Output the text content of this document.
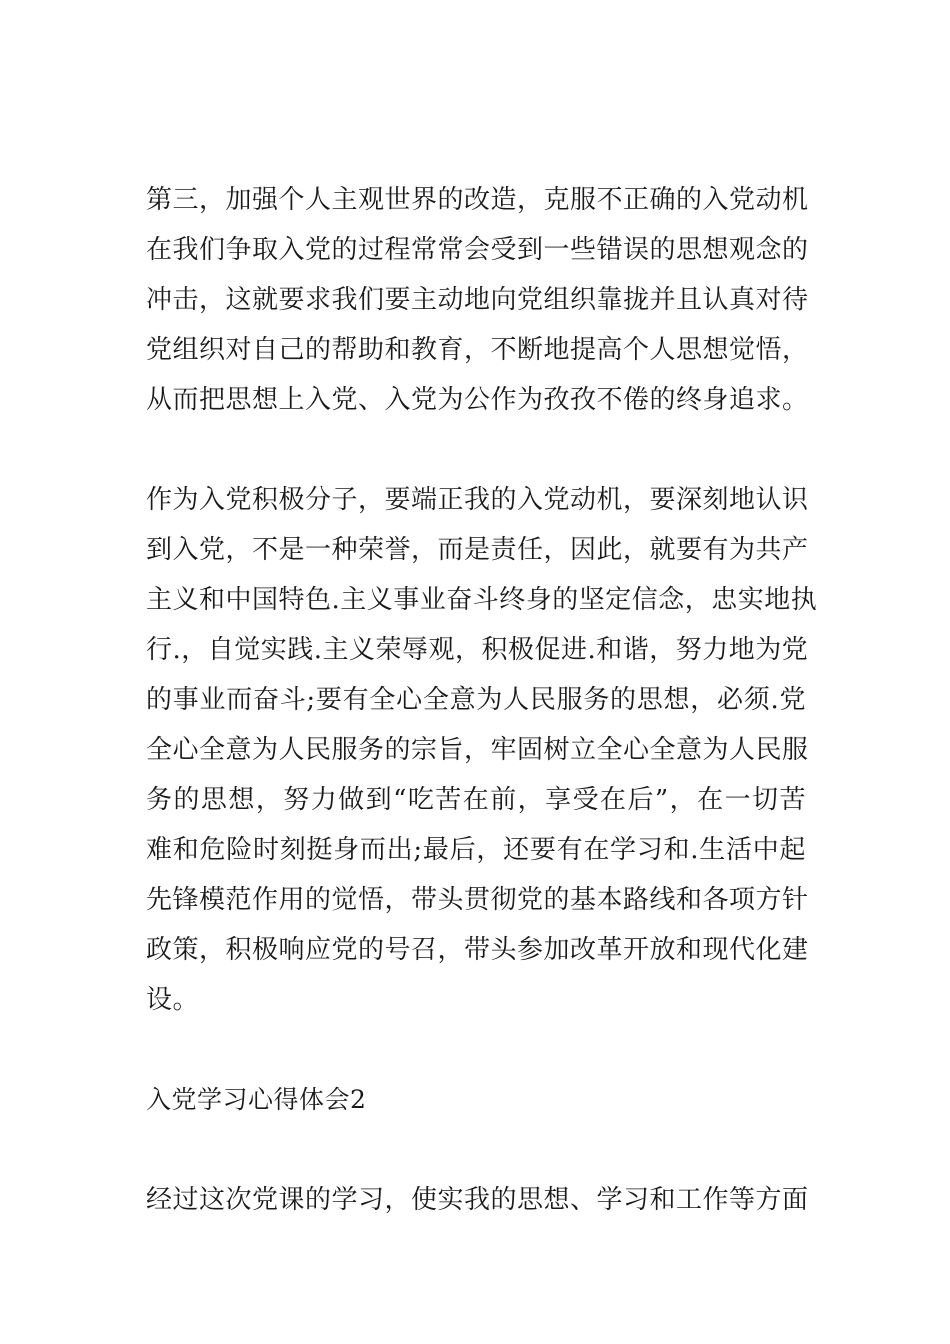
第三，加强个人主观世界的改造，克服不正确的入党动机
在我们争取入党的过程常常会受到一些错误的思想观念的
冲击，这就要求我们要主动地向党组织靠拢并且认真对待
党组织对自己的帮助和教育，不断地提高个人思想觉悟，
从而把思想上入党、入党为公作为孜孜不倦的终身追求。
作为入党积极分子，要端正我的入党动机，要深刻地认识
到入党，不是一种荣誉，而是责任，因此，就要有为共产
主义和中国特色.主义事业奋斗终身的坚定信念，忠实地执
行.，自觉实践.主义荣辱观，积极促进.和谐，努力地为党
的事业而奋斗;要有全心全意为人民服务的思想，必须.党
全心全意为人民服务的宗旨，牢固树立全心全意为人民服
务的思想，努力做到“吃苦在前，享受在后”，在一切苦
难和危险时刻挺身而出;最后，还要有在学习和.生活中起
先锋模范作用的觉悟，带头贯彻党的基本路线和各项方针
政策，积极响应党的号召，带头参加改革开放和现代化建
设。
入党学习心得体会2
经过这次党课的学习，使实我的思想、学习和工作等方面
